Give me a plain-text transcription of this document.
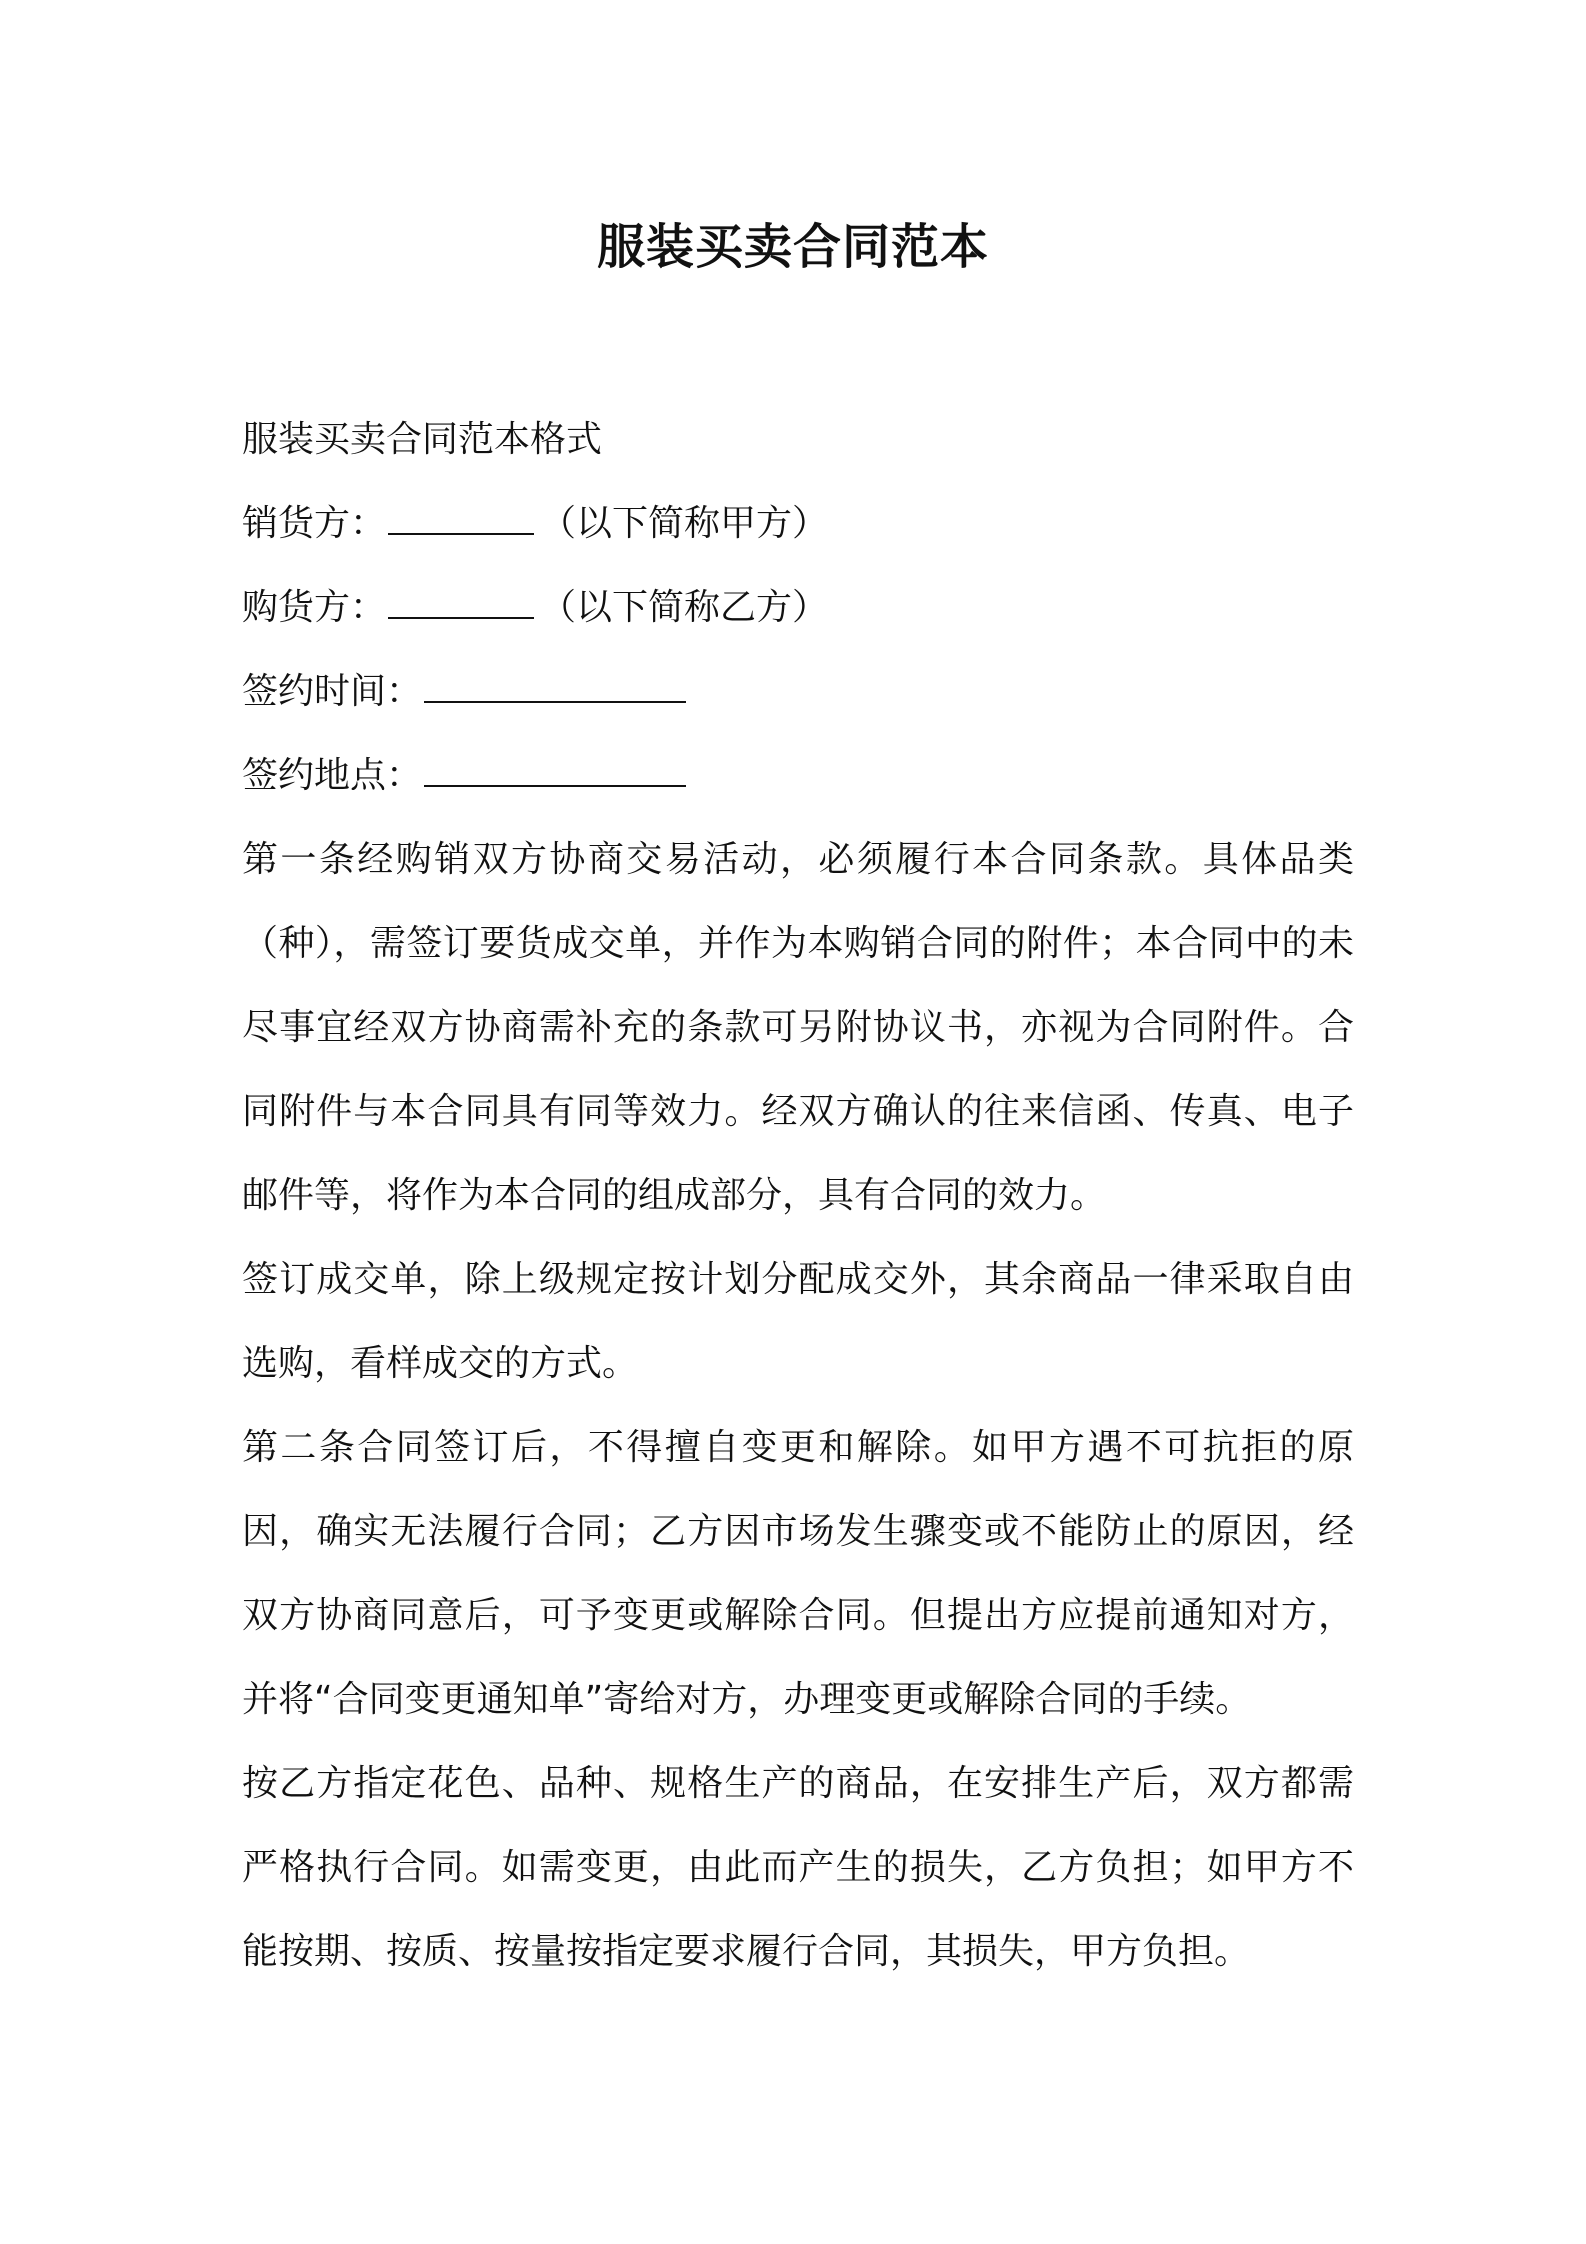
服装买卖合同范本
服装买卖合同范本格式
销货方：	（以下简称甲方）
购货方：	（以下简称乙方）
签约时间：
签约地点：

第一条经购销双方协商交易活动，必须履行本合同条款。具体品类（种），需签订要货成交单，并作为本购销合同的附件；本合同中的未尽事宜经双方协商需补充的条款可另附协议书，亦视为合同附件。合同附件与本合同具有同等效力。经双方确认的往来信函、传真、电子邮件等，将作为本合同的组成部分，具有合同的效力。

签订成交单，除上级规定按计划分配成交外，其余商品一律采取自由选购，看样成交的方式。

第二条合同签订后，不得擅自变更和解除。如甲方遇不可抗拒的原因，确实无法履行合同；乙方因市场发生骤变或不能防止的原因，经双方协商同意后，可予变更或解除合同。但提出方应提前通知对方，并将“合同变更通知单”寄给对方，办理变更或解除合同的手续。

按乙方指定花色、品种、规格生产的商品，在安排生产后，双方都需严格执行合同。如需变更，由此而产生的损失，乙方负担；如甲方不能按期、按质、按量按指定要求履行合同，其损失，甲方负担。
